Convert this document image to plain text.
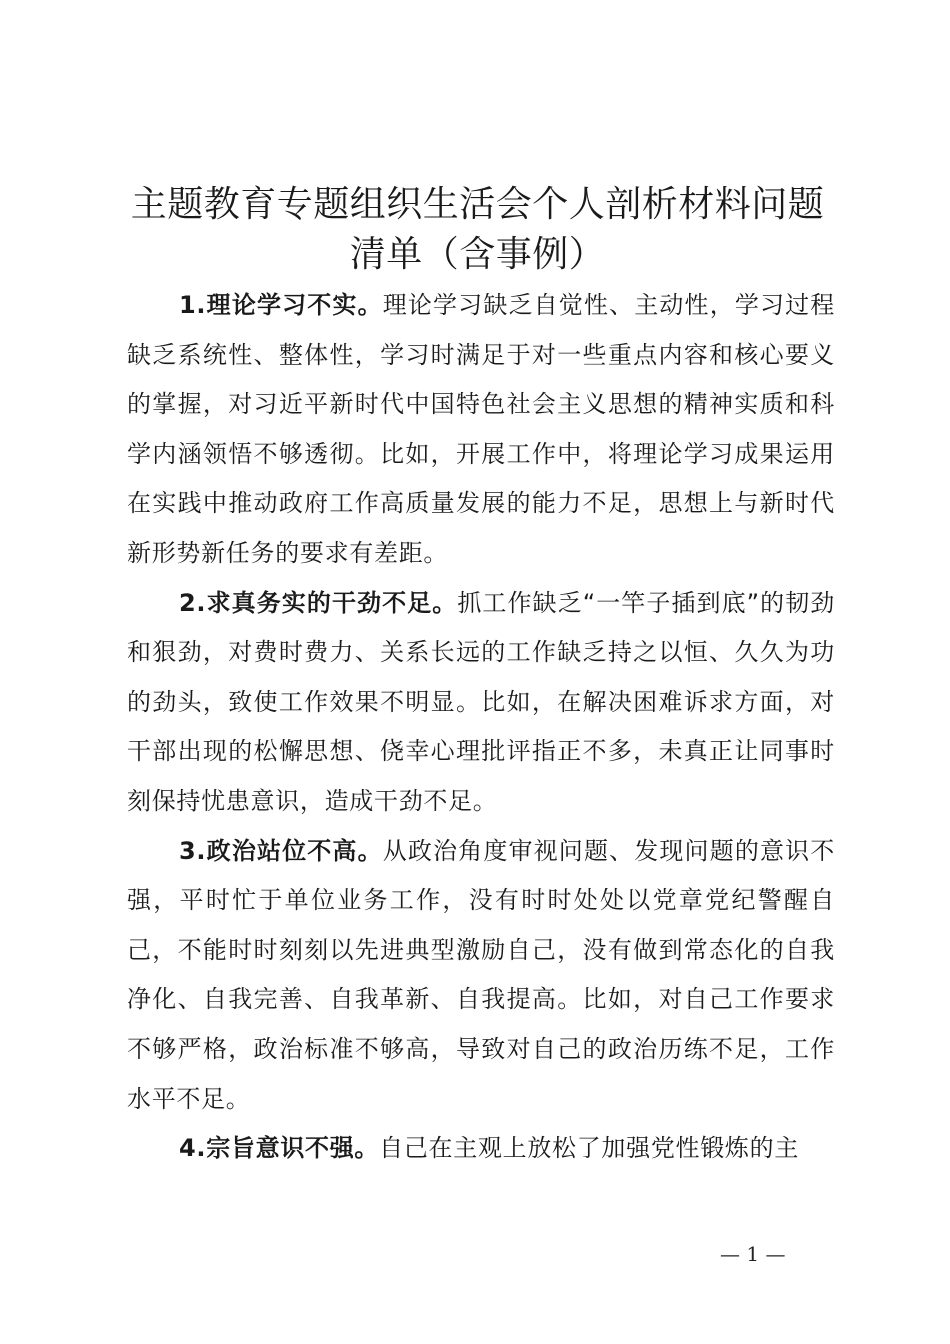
主题教育专题组织生活会个人剖析材料问题清单（含事例）

1.理论学习不实。理论学习缺乏自觉性、主动性，学习过程缺乏系统性、整体性，学习时满足于对一些重点内容和核心要义的掌握，对习近平新时代中国特色社会主义思想的精神实质和科学内涵领悟不够透彻。比如，开展工作中，将理论学习成果运用在实践中推动政府工作高质量发展的能力不足，思想上与新时代新形势新任务的要求有差距。

2.求真务实的干劲不足。抓工作缺乏“一竿子插到底”的韧劲和狠劲，对费时费力、关系长远的工作缺乏持之以恒、久久为功的劲头，致使工作效果不明显。比如，在解决困难诉求方面，对干部出现的松懈思想、侥幸心理批评指正不多，未真正让同事时刻保持忧患意识，造成干劲不足。

3.政治站位不高。从政治角度审视问题、发现问题的意识不强，平时忙于单位业务工作，没有时时处处以党章党纪警醒自己，不能时时刻刻以先进典型激励自己，没有做到常态化的自我净化、自我完善、自我革新、自我提高。比如，对自己工作要求不够严格，政治标准不够高，导致对自己的政治历练不足，工作水平不足。

4.宗旨意识不强。自己在主观上放松了加强党性锻炼的主

— 1 —
